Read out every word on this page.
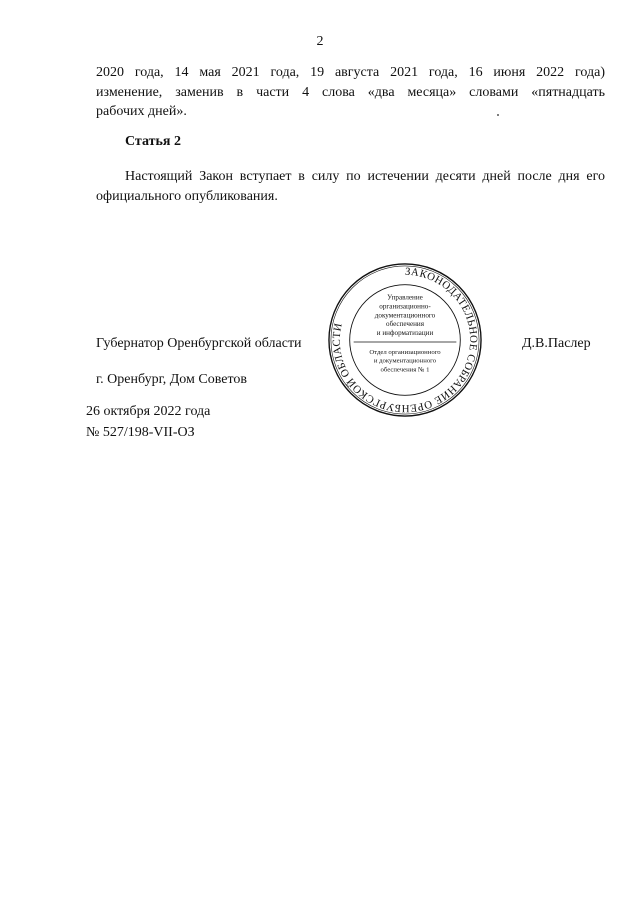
2
2020 года, 14 мая 2021 года, 19 августа 2021 года, 16 июня 2022 года)
изменение, заменив в части 4 слова «два месяца» словами «пятнадцать
рабочих дней».
Статья 2
Настоящий Закон вступает в силу по истечении десяти дней после дня его
официального опубликования.
ЗАКОНОДАТЕЛЬНОЕ СОБРАНИЕ ОРЕНБУРГСКОЙ ОБЛАСТИ
Управление
организационно-
документационного
обеспечения
и информатизации
Отдел организационного
и документационного
обеспечения № 1
Губернатор Оренбургской области	Д.В.Паслер
г. Оренбург, Дом Советов
26 октября 2022 года
№ 527/198-VII-ОЗ
